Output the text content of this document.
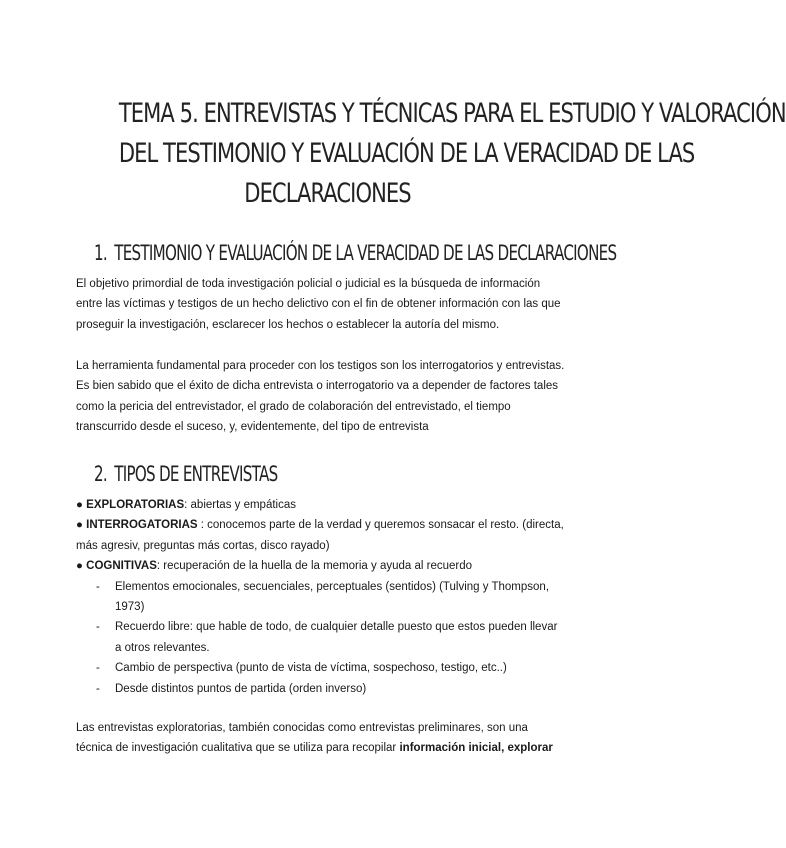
TEMA 5. ENTREVISTAS Y TÉCNICAS PARA EL ESTUDIO Y VALORACIÓN
DEL TESTIMONIO Y EVALUACIÓN DE LA VERACIDAD DE LAS
DECLARACIONES
1. TESTIMONIO Y EVALUACIÓN DE LA VERACIDAD DE LAS DECLARACIONES

El objetivo primordial de toda investigación policial o judicial es la búsqueda de información
entre las víctimas y testigos de un hecho delictivo con el fin de obtener información con las que
proseguir la investigación, esclarecer los hechos o establecer la autoría del mismo.

La herramienta fundamental para proceder con los testigos son los interrogatorios y entrevistas.
Es bien sabido que el éxito de dicha entrevista o interrogatorio va a depender de factores tales
como la pericia del entrevistador, el grado de colaboración del entrevistado, el tiempo
transcurrido desde el suceso, y, evidentemente, del tipo de entrevista

2. TIPOS DE ENTREVISTAS
● EXPLORATORIAS: abiertas y empáticas
● INTERROGATORIAS : conocemos parte de la verdad y queremos sonsacar el resto. (directa,
más agresiv, preguntas más cortas, disco rayado)
● COGNITIVAS: recuperación de la huella de la memoria y ayuda al recuerdo
- Elementos emocionales, secuenciales, perceptuales (sentidos) (Tulving y Thompson,
1973)
- Recuerdo libre: que hable de todo, de cualquier detalle puesto que estos pueden llevar
a otros relevantes.
- Cambio de perspectiva (punto de vista de víctima, sospechoso, testigo, etc..)
- Desde distintos puntos de partida (orden inverso)

Las entrevistas exploratorias, también conocidas como entrevistas preliminares, son una
técnica de investigación cualitativa que se utiliza para recopilar información inicial, explorar
